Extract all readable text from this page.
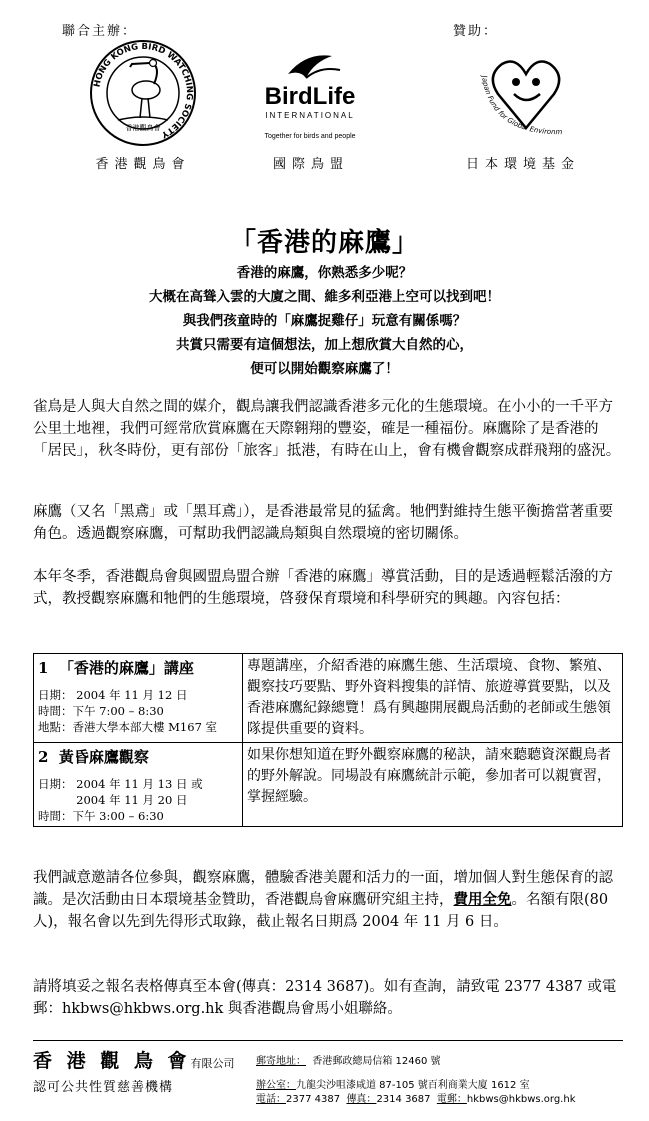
聯合主辦：	贊助：
HONG KONG BIRD WATCHING SOCIETY
香港觀鳥會
BirdLife
INTERNATIONAL
Together for birds and people
Japan Fund for Global Environm
香港觀鳥會	國際鳥盟	日本環境基金
「香港的麻鷹」
香港的麻鷹，你熟悉多少呢？
大概在高聳入雲的大廈之間、維多利亞港上空可以找到吧！
與我們孩童時的「麻鷹捉雞仔」玩意有關係嗎？
共賞只需要有這個想法，加上想欣賞大自然的心，
便可以開始觀察麻鷹了！
雀鳥是人與大自然之間的媒介，觀鳥讓我們認識香港多元化的生態環境。在小小的一千平方公里土地裡，我們可經常欣賞麻鷹在天際翱翔的豐姿，確是一種福份。麻鷹除了是香港的「居民」，秋冬時份，更有部份「旅客」抵港，有時在山上，會有機會觀察成群飛翔的盛況。
麻鷹（又名「黑鳶」或「黑耳鳶」），是香港最常見的猛禽。牠們對維持生態平衡擔當著重要角色。透過觀察麻鷹，可幫助我們認識鳥類與自然環境的密切關係。
本年冬季，香港觀鳥會與國盟鳥盟合辦「香港的麻鷹」導賞活動，目的是透過輕鬆活潑的方式，教授觀察麻鷹和牠們的生態環境，啓發保育環境和科學研究的興趣。內容包括：
1 「香港的麻鷹」講座
日期： 2004 年 11 月 12 日
時間：下午 7:00 – 8:30
地點：香港大學本部大樓 M167 室	專題講座，介紹香港的麻鷹生態、生活環境、食物、繁殖、觀察技巧要點、野外資料搜集的詳情、旅遊導賞要點，以及香港麻鷹紀錄總覽！爲有興趣開展觀鳥活動的老師或生態領隊提供重要的資料。

2 黃昏麻鷹觀察
日期： 2004 年 11 月 13 日 或
　　　 2004 年 11 月 20 日
時間：下午 3:00 – 6:30	如果你想知道在野外觀察麻鷹的秘訣，請來聽聽資深觀鳥者的野外解說。同場設有麻鷹統計示範，參加者可以親實習，掌握經驗。
我們誠意邀請各位參與，觀察麻鷹，體驗香港美麗和活力的一面，增加個人對生態保育的認識。是次活動由日本環境基金贊助，香港觀鳥會麻鷹研究組主持，費用全免。名額有限(80 人)，報名會以先到先得形式取錄，截止報名日期爲 2004 年 11 月 6 日。
請將填妥之報名表格傳真至本會(傳真：2314 3687)。如有查詢，請致電 2377 4387 或電郵：hkbws@hkbws.org.hk 與香港觀鳥會馬小姐聯絡。
香 港 觀 鳥 會有限公司
認可公共性質慈善機構
郵寄地址： 香港郵政總局信箱 12460 號
辦公室：九龍尖沙咀漆咸道 87-105 號百利商業大廈 1612 室
電話：2377 4387 傳真：2314 3687 電郵：hkbws@hkbws.org.hk
